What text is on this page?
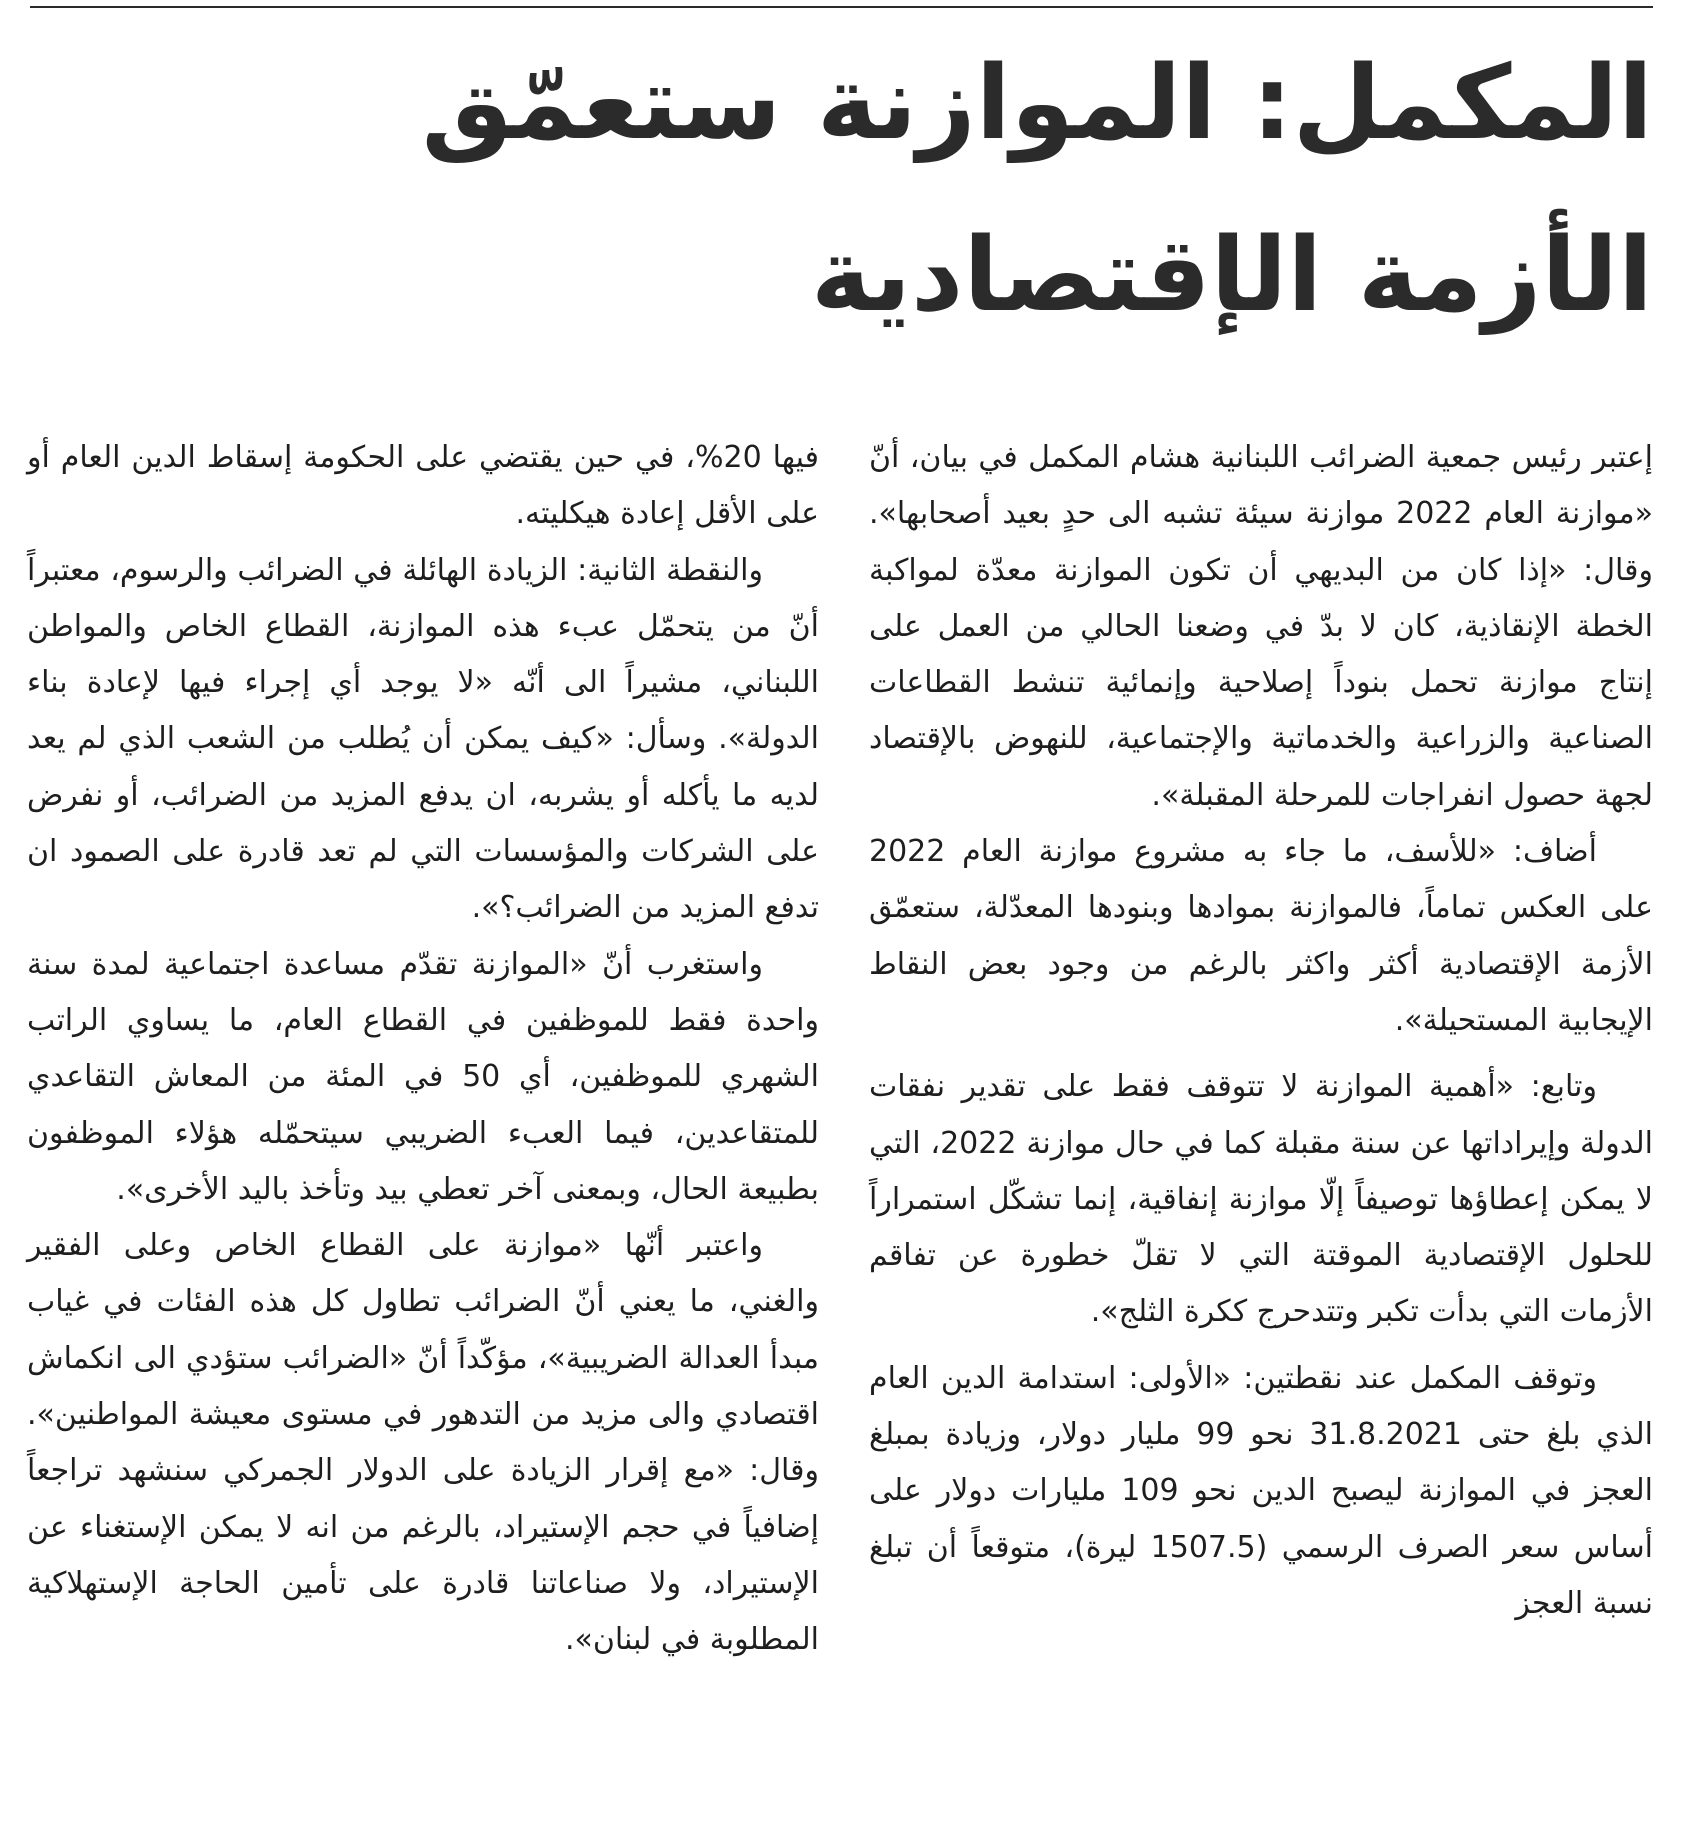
المكمل: الموازنة ستعمّق الأزمة الإقتصادية

إعتبر رئيس جمعية الضرائب اللبنانية هشام المكمل في بيان، أنّ «موازنة العام 2022 موازنة سيئة تشبه الى حدٍ بعيد أصحابها». وقال: «إذا كان من البديهي أن تكون الموازنة معدّة لمواكبة الخطة الإنقاذية، كان لا بدّ في وضعنا الحالي من العمل على إنتاج موازنة تحمل بنوداً إصلاحية وإنمائية تنشط القطاعات الصناعية والزراعية والخدماتية والإجتماعية، للنهوض بالإقتصاد لجهة حصول انفراجات للمرحلة المقبلة».

أضاف: «للأسف، ما جاء به مشروع موازنة العام 2022 على العكس تماماً، فالموازنة بموادها وبنودها المعدّلة، ستعمّق الأزمة الإقتصادية أكثر واكثر بالرغم من وجود بعض النقاط الإيجابية المستحيلة».

وتابع: «أهمية الموازنة لا تتوقف فقط على تقدير نفقات الدولة وإيراداتها عن سنة مقبلة كما في حال موازنة 2022، التي لا يمكن إعطاؤها توصيفاً إلّا موازنة إنفاقية، إنما تشكّل استمراراً للحلول الإقتصادية الموقتة التي لا تقلّ خطورة عن تفاقم الأزمات التي بدأت تكبر وتتدحرج ككرة الثلج».

وتوقف المكمل عند نقطتين: «الأولى: استدامة الدين العام الذي بلغ حتى 31.8.2021 نحو 99 مليار دولار، وزيادة بمبلغ العجز في الموازنة ليصبح الدين نحو 109 مليارات دولار على أساس سعر الصرف الرسمي (1507.5 ليرة)، متوقعاً أن تبلغ نسبة العجز

فيها 20%، في حين يقتضي على الحكومة إسقاط الدين العام أو على الأقل إعادة هيكليته.

والنقطة الثانية: الزيادة الهائلة في الضرائب والرسوم، معتبراً أنّ من يتحمّل عبء هذه الموازنة، القطاع الخاص والمواطن اللبناني، مشيراً الى أنّه «لا يوجد أي إجراء فيها لإعادة بناء الدولة». وسأل: «كيف يمكن أن يُطلب من الشعب الذي لم يعد لديه ما يأكله أو يشربه، ان يدفع المزيد من الضرائب، أو نفرض على الشركات والمؤسسات التي لم تعد قادرة على الصمود ان تدفع المزيد من الضرائب؟».

واستغرب أنّ «الموازنة تقدّم مساعدة اجتماعية لمدة سنة واحدة فقط للموظفين في القطاع العام، ما يساوي الراتب الشهري للموظفين، أي 50 في المئة من المعاش التقاعدي للمتقاعدين، فيما العبء الضريبي سيتحمّله هؤلاء الموظفون بطبيعة الحال، وبمعنى آخر تعطي بيد وتأخذ باليد الأخرى».

واعتبر أنّها «موازنة على القطاع الخاص وعلى الفقير والغني، ما يعني أنّ الضرائب تطاول كل هذه الفئات في غياب مبدأ العدالة الضريبية»، مؤكّداً أنّ «الضرائب ستؤدي الى انكماش اقتصادي والى مزيد من التدهور في مستوى معيشة المواطنين». وقال: «مع إقرار الزيادة على الدولار الجمركي سنشهد تراجعاً إضافياً في حجم الإستيراد، بالرغم من انه لا يمكن الإستغناء عن الإستيراد، ولا صناعاتنا قادرة على تأمين الحاجة الإستهلاكية المطلوبة في لبنان».
